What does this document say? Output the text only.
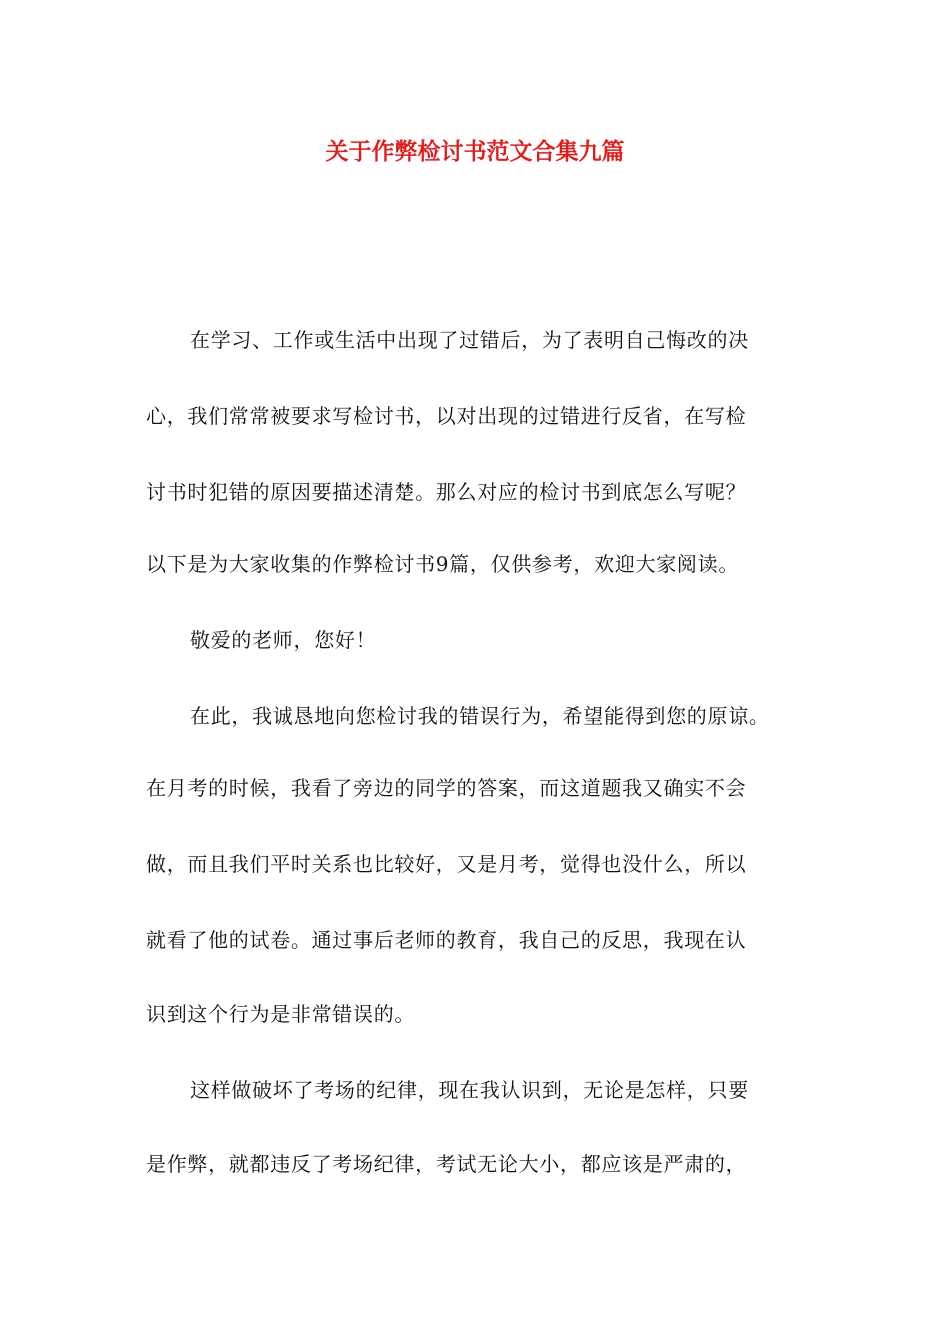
关于作弊检讨书范文合集九篇
在学习、工作或生活中出现了过错后，为了表明自己悔改的决
心，我们常常被要求写检讨书，以对出现的过错进行反省，在写检
讨书时犯错的原因要描述清楚。那么对应的检讨书到底怎么写呢？
以下是为大家收集的作弊检讨书9篇，仅供参考，欢迎大家阅读。
敬爱的老师，您好！
在此，我诚恳地向您检讨我的错误行为，希望能得到您的原谅。
在月考的时候，我看了旁边的同学的答案，而这道题我又确实不会
做，而且我们平时关系也比较好，又是月考，觉得也没什么，所以
就看了他的试卷。通过事后老师的教育，我自己的反思，我现在认
识到这个行为是非常错误的。
这样做破坏了考场的纪律，现在我认识到，无论是怎样，只要
是作弊，就都违反了考场纪律，考试无论大小，都应该是严肃的，
